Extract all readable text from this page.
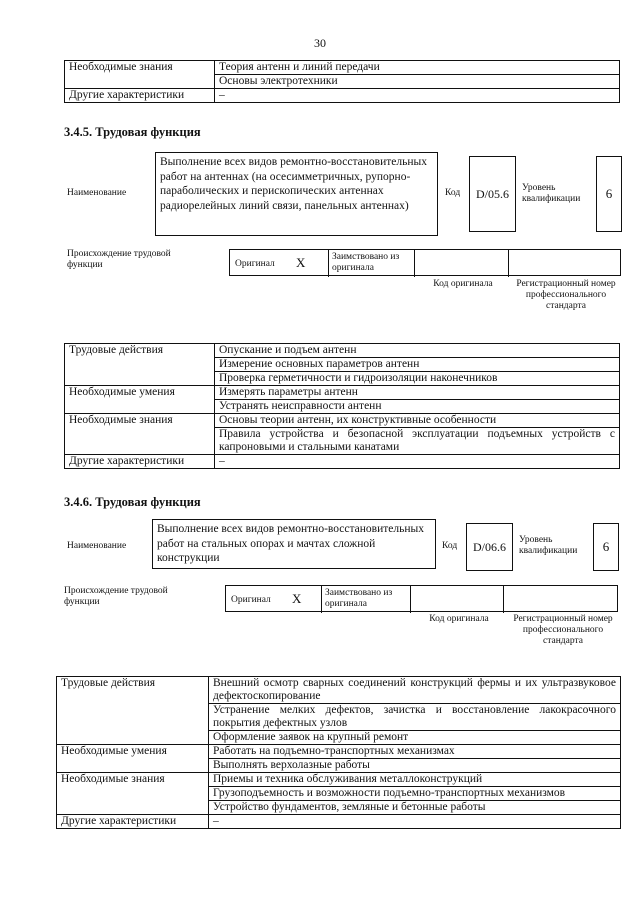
30
Необходимые знания	Теория антенн и линий передачи
	Основы электротехники
Другие характеристики	–
3.4.5. Трудовая функция
Наименование
Выполнение всех видов ремонтно-восстановительных работ на антеннах (на осесимметричных, рупорно-параболических и перископических антеннах радиорелейных линий связи, панельных антеннах)
Код	D/05.6	Уровень квалификации	6
Происхождение трудовой функции	Оригинал X	Заимствовано из оригинала
Код оригинала	Регистрационный номер профессионального стандарта
Трудовые действия	Опускание и подъем антенн
	Измерение основных параметров антенн
	Проверка герметичности и гидроизоляции наконечников
Необходимые умения	Измерять параметры антенн
	Устранять неисправности антенн
Необходимые знания	Основы теории антенн, их конструктивные особенности
	Правила устройства и безопасной эксплуатации подъемных устройств с капроновыми и стальными канатами
Другие характеристики	–
3.4.6. Трудовая функция
Наименование
Выполнение всех видов ремонтно-восстановительных работ на стальных опорах и мачтах сложной конструкции
Код	D/06.6	Уровень квалификации	6
Происхождение трудовой функции	Оригинал X Заимствовано из оригинала
Код оригинала	Регистрационный номер профессионального стандарта
Трудовые действия	Внешний осмотр сварных соединений конструкций фермы и их ультразвуковое дефектоскопирование
	Устранение мелких дефектов, зачистка и восстановление лакокрасочного покрытия дефектных узлов
	Оформление заявок на крупный ремонт
Необходимые умения	Работать на подъемно-транспортных механизмах
	Выполнять верхолазные работы
Необходимые знания	Приемы и техника обслуживания металлоконструкций
	Грузоподъемность и возможности подъемно-транспортных механизмов
	Устройство фундаментов, земляные и бетонные работы
Другие характеристики	–
